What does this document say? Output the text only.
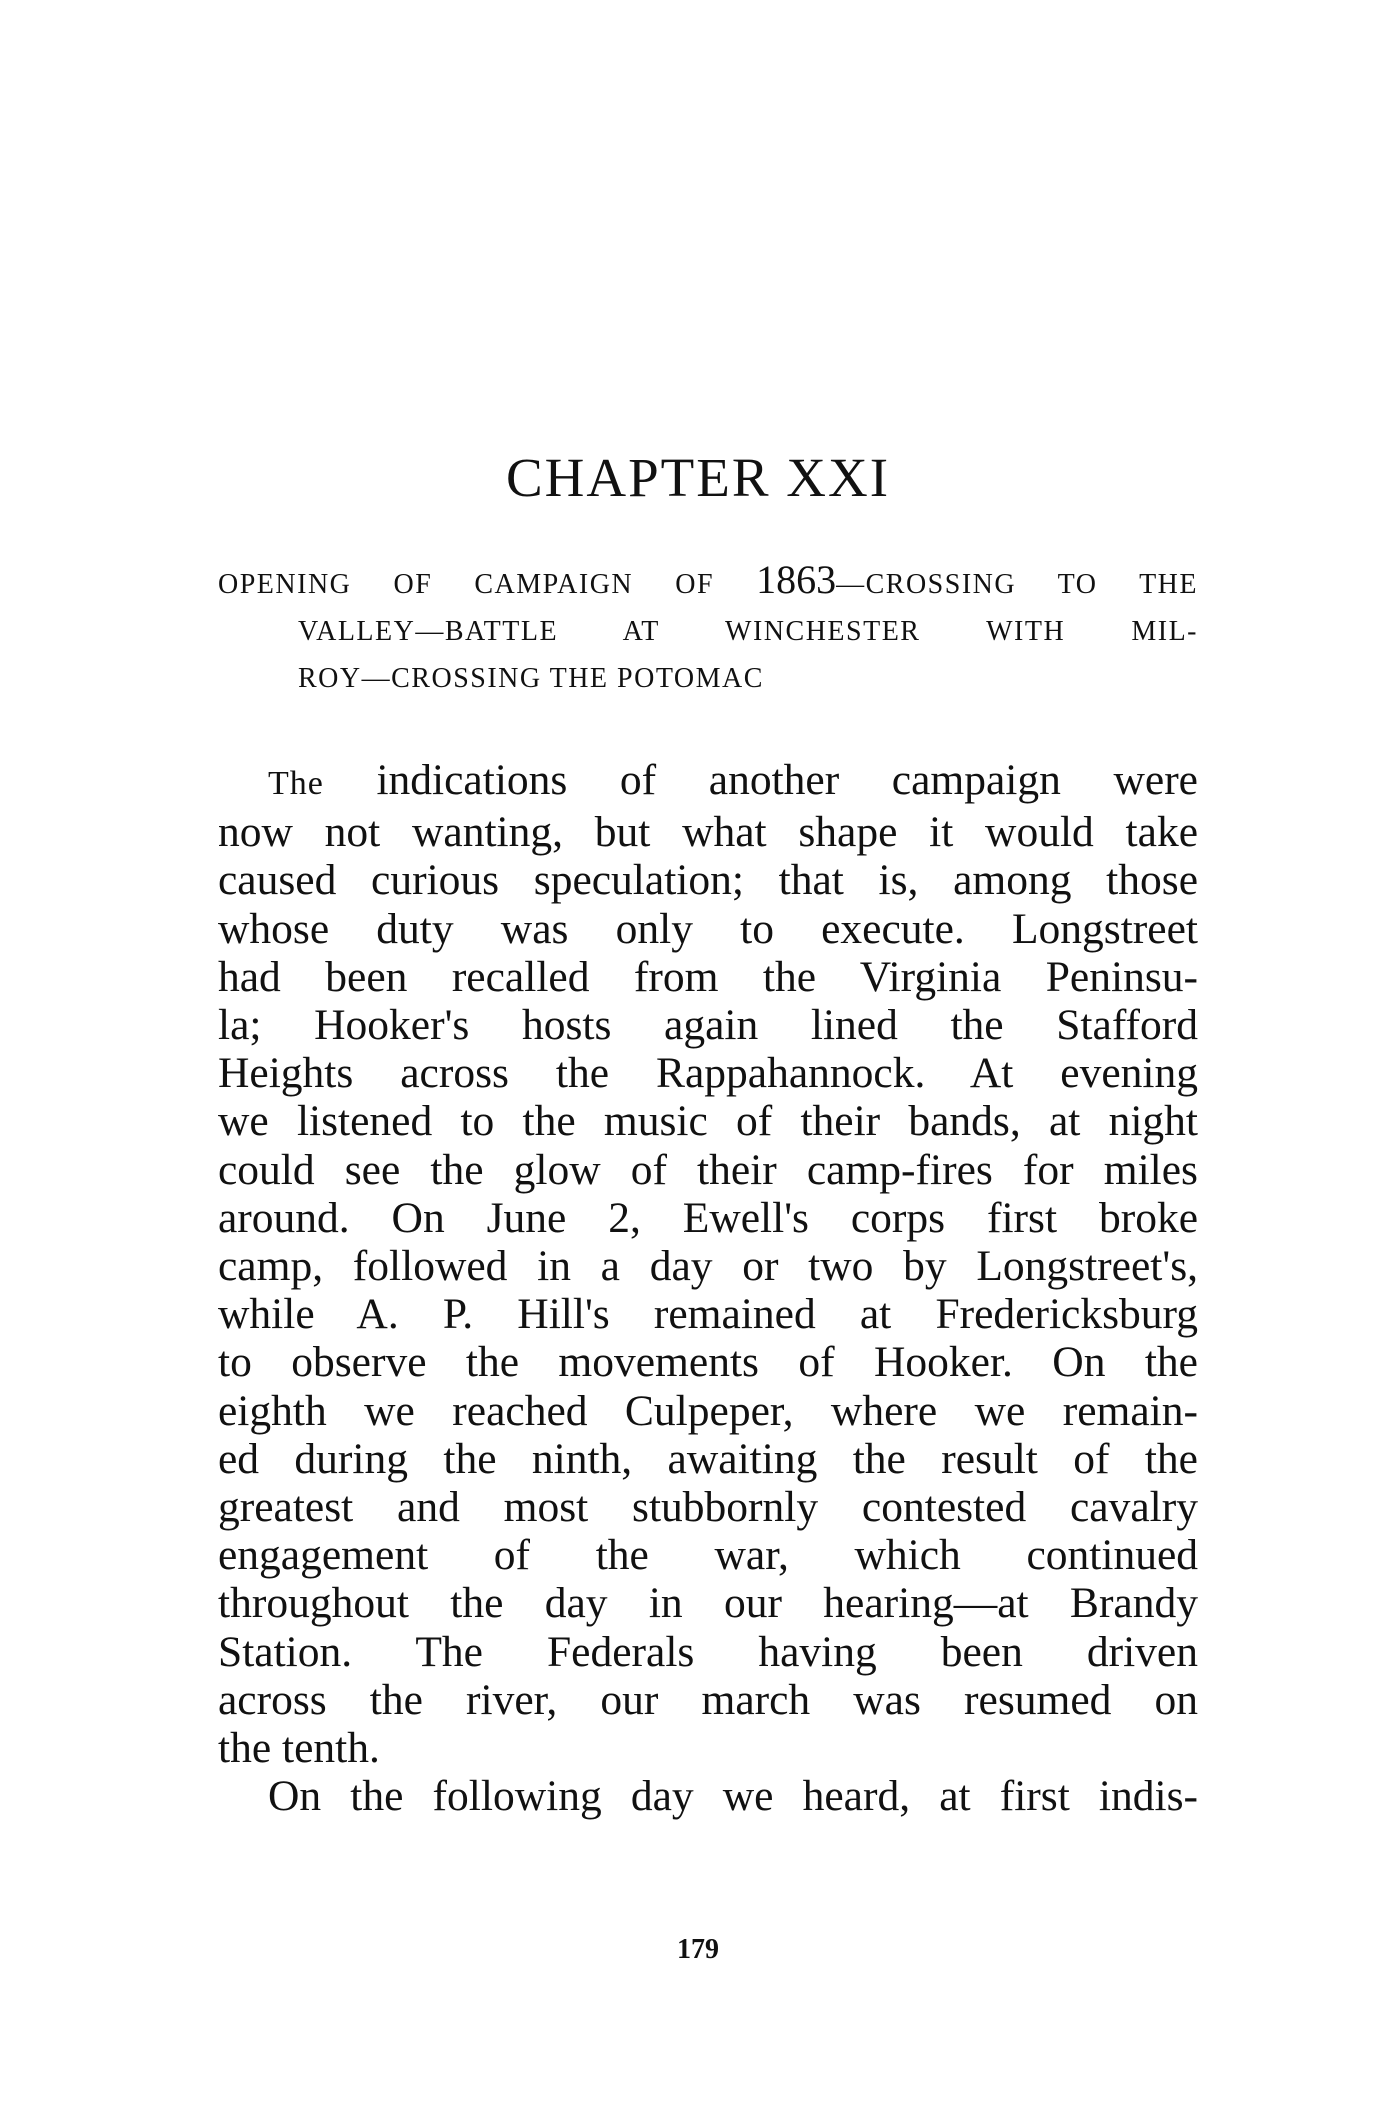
CHAPTER XXI

OPENING OF CAMPAIGN OF 1863—CROSSING TO THE
VALLEY—BATTLE AT WINCHESTER WITH MIL-
ROY—CROSSING THE POTOMAC

The indications of another campaign were
now not wanting, but what shape it would take
caused curious speculation; that is, among those
whose duty was only to execute. Longstreet
had been recalled from the Virginia Peninsu-
la; Hooker's hosts again lined the Stafford
Heights across the Rappahannock. At evening
we listened to the music of their bands, at night
could see the glow of their camp-fires for miles
around. On June 2, Ewell's corps first broke
camp, followed in a day or two by Longstreet's,
while A. P. Hill's remained at Fredericksburg
to observe the movements of Hooker. On the
eighth we reached Culpeper, where we remain-
ed during the ninth, awaiting the result of the
greatest and most stubbornly contested cavalry
engagement of the war, which continued
throughout the day in our hearing—at Brandy
Station. The Federals having been driven
across the river, our march was resumed on
the tenth.
On the following day we heard, at first indis-

179
